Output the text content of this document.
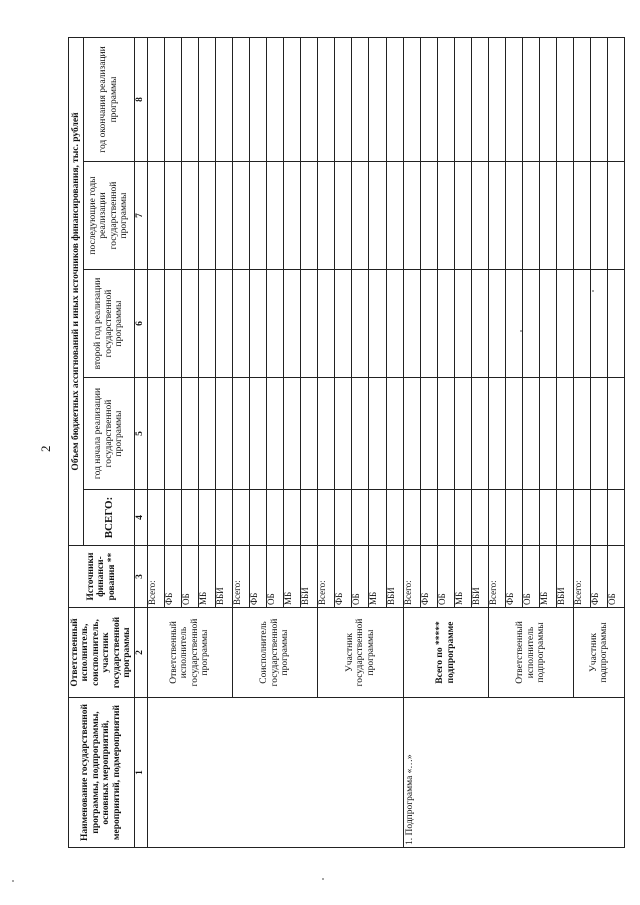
2
Наименование государственной программы, подпрограммы, основных мероприятий, мероприятий, подмероприятий	Ответственный исполнитель, соисполнитель, участник государственной программы	Источники финанси-рования **	Объем бюджетных ассигнований и иных источников финансирования, тыс. рублей				
			ВСЕГО:	год начала реализации государственной программы	второй год реализации государственной программы	последующие годы реализации государственной программы	год окончания реализации программы
1	2	3	4	5	6	7	8
	Ответственный исполнитель государственной программы	Всего:					
		ФБ					
		ОБ					
		МБ					
		ВБИ					
	Соисполнитель государственной программы	Всего:					
		ФБ					
		ОБ					
		МБ					
		ВБИ					
	Участник государственной программы	Всего:					
		ФБ					
		ОБ					
		МБ					
		ВБИ					
1. Подпрограмма «…»	Всего по ***** подпрограмме	Всего:					
		ФБ					
		ОБ					
		МБ					
		ВБИ					
	Ответственный исполнитель подпрограммы	Всего:					
		ФБ					
		ОБ					
		МБ					
		ВБИ					
	Участник подпрограммы	Всего:					
		ФБ					
		ОБ					
